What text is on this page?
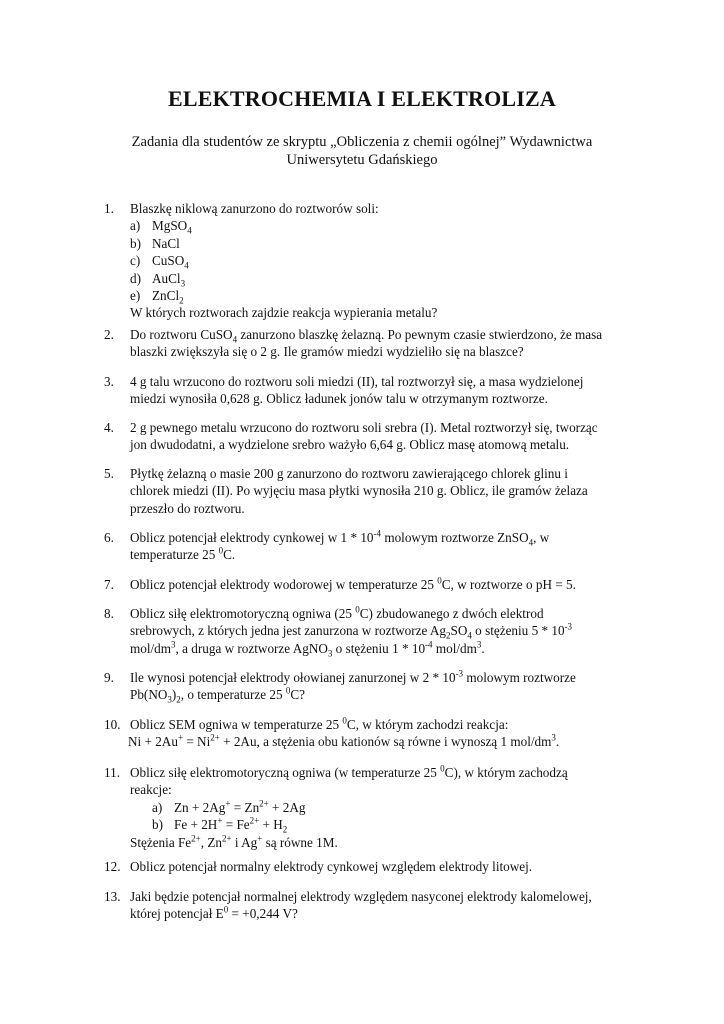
ELEKTROCHEMIA I ELEKTROLIZA
Zadania dla studentów ze skryptu „Obliczenia z chemii ogólnej” Wydawnictwa
Uniwersytetu Gdańskiego
1. Blaszkę niklową zanurzono do roztworów soli:
a) MgSO$_4$
b) NaCl
c) CuSO$_4$
d) AuCl$_3$
e) ZnCl$_2$
W których roztworach zajdzie reakcja wypierania metalu?
2. Do roztworu CuSO$_4$ zanurzono blaszkę żelazną. Po pewnym czasie stwierdzono, że masa
blaszki zwiększyła się o 2 g. Ile gramów miedzi wydzieliło się na blaszce?
3. 4 g talu wrzucono do roztworu soli miedzi (II), tal roztworzył się, a masa wydzielonej
miedzi wynosiła 0,628 g. Oblicz ładunek jonów talu w otrzymanym roztworze.
4. 2 g pewnego metalu wrzucono do roztworu soli srebra (I). Metal roztworzył się, tworząc
jon dwudodatni, a wydzielone srebro ważyło 6,64 g. Oblicz masę atomową metalu.
5. Płytkę żelazną o masie 200 g zanurzono do roztworu zawierającego chlorek glinu i
chlorek miedzi (II). Po wyjęciu masa płytki wynosiła 210 g. Oblicz, ile gramów żelaza
przeszło do roztworu.
6. Oblicz potencjał elektrody cynkowej w $1 * 10^{-4}$ molowym roztworze ZnSO$_4$, w
temperaturze 25 $^0$C.
7. Oblicz potencjał elektrody wodorowej w temperaturze 25 $^0$C, w roztworze o pH = 5.
8. Oblicz siłę elektromotoryczną ogniwa (25 $^0$C) zbudowanego z dwóch elektrod
srebrowych, z których jedna jest zanurzona w roztworze $Ag_2SO_4$ o stężeniu $5 * 10^{-3}$
mol/$dm^3$, a druga w roztworze AgNO$_3$ o stężeniu $1 * 10^{-4}$ mol/$dm^3$.
9. Ile wynosi potencjał elektrody ołowianej zanurzonej w $2 * 10^{-3}$ molowym roztworze
$Pb(NO_3)_2$, o temperaturze 25 $^0$C?
10. Oblicz SEM ogniwa w temperaturze 25 $^0$C, w którym zachodzi reakcja:
$Ni + 2Au^+ = Ni^{2+} + 2Au$, a stężenia obu kationów są równe i wynoszą 1 mol/$dm^3$.
11. Oblicz siłę elektromotoryczną ogniwa (w temperaturze 25 $^0$C), w którym zachodzą
reakcje:
a) $Zn + 2Ag^+ = Zn^{2+} + 2Ag$
b) $Fe + 2H^+ = Fe^{2+} + H_2$
Stężenia $Fe^{2+}$, $Zn^{2+}$ i Ag+ są równe 1M.
12. Oblicz potencjał normalny elektrody cynkowej względem elektrody litowej.
13. Jaki będzie potencjał normalnej elektrody względem nasyconej elektrody kalomelowej,
której potencjał $E^0 = +0,244$ V?
